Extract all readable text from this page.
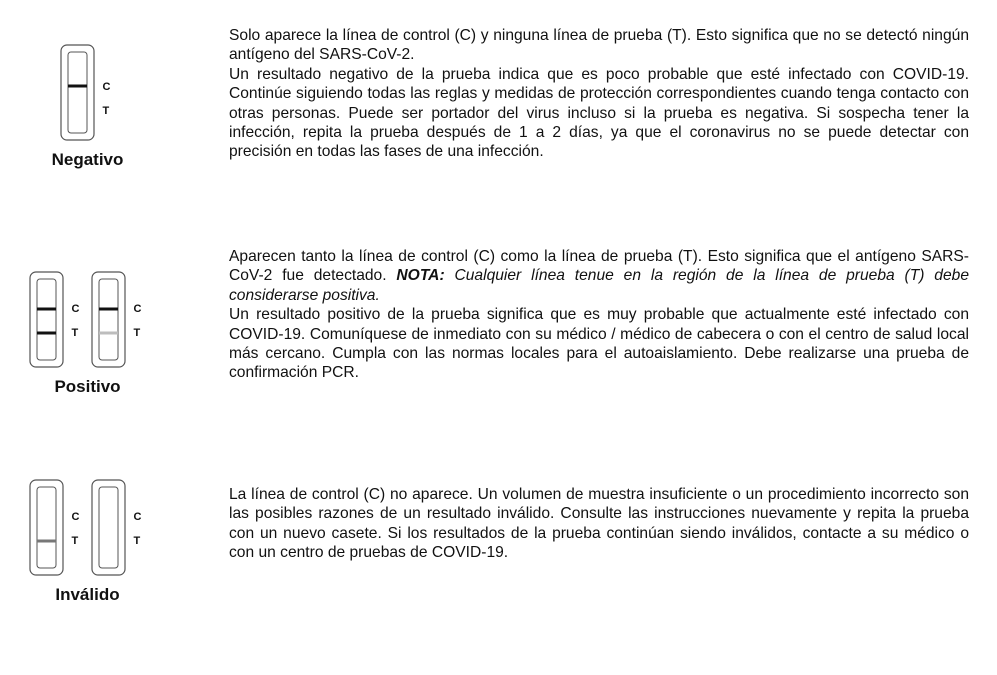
C
T
Negativo

Solo aparece la línea de control (C) y ninguna línea de prueba (T). Esto significa que no se detectó ningún antígeno del SARS-CoV-2.

Un resultado negativo de la prueba indica que es poco probable que esté infectado con COVID-19. Continúe siguiendo todas las reglas y medidas de protección correspondientes cuando tenga contacto con otras personas. Puede ser portador del virus incluso si la prueba es negativa. Si sospecha tener la infección, repita la prueba después de 1 a 2 días, ya que el coronavirus no se puede detectar con precisión en todas las fases de una infección.

C
T
C
T
Positivo

Aparecen tanto la línea de control (C) como la línea de prueba (T). Esto significa que el antígeno SARS-CoV-2 fue detectado. NOTA: Cualquier línea tenue en la región de la línea de prueba (T) debe considerarse positiva.

Un resultado positivo de la prueba significa que es muy probable que actualmente esté infectado con COVID-19. Comuníquese de inmediato con su médico / médico de cabecera o con el centro de salud local más cercano. Cumpla con las normas locales para el autoaislamiento. Debe realizarse una prueba de confirmación PCR.

C
T
C
T
Inválido

La línea de control (C) no aparece. Un volumen de muestra insuficiente o un procedimiento incorrecto son las posibles razones de un resultado inválido. Consulte las instrucciones nuevamente y repita la prueba con un nuevo casete. Si los resultados de la prueba continúan siendo inválidos, contacte a su médico o con un centro de pruebas de COVID-19.
